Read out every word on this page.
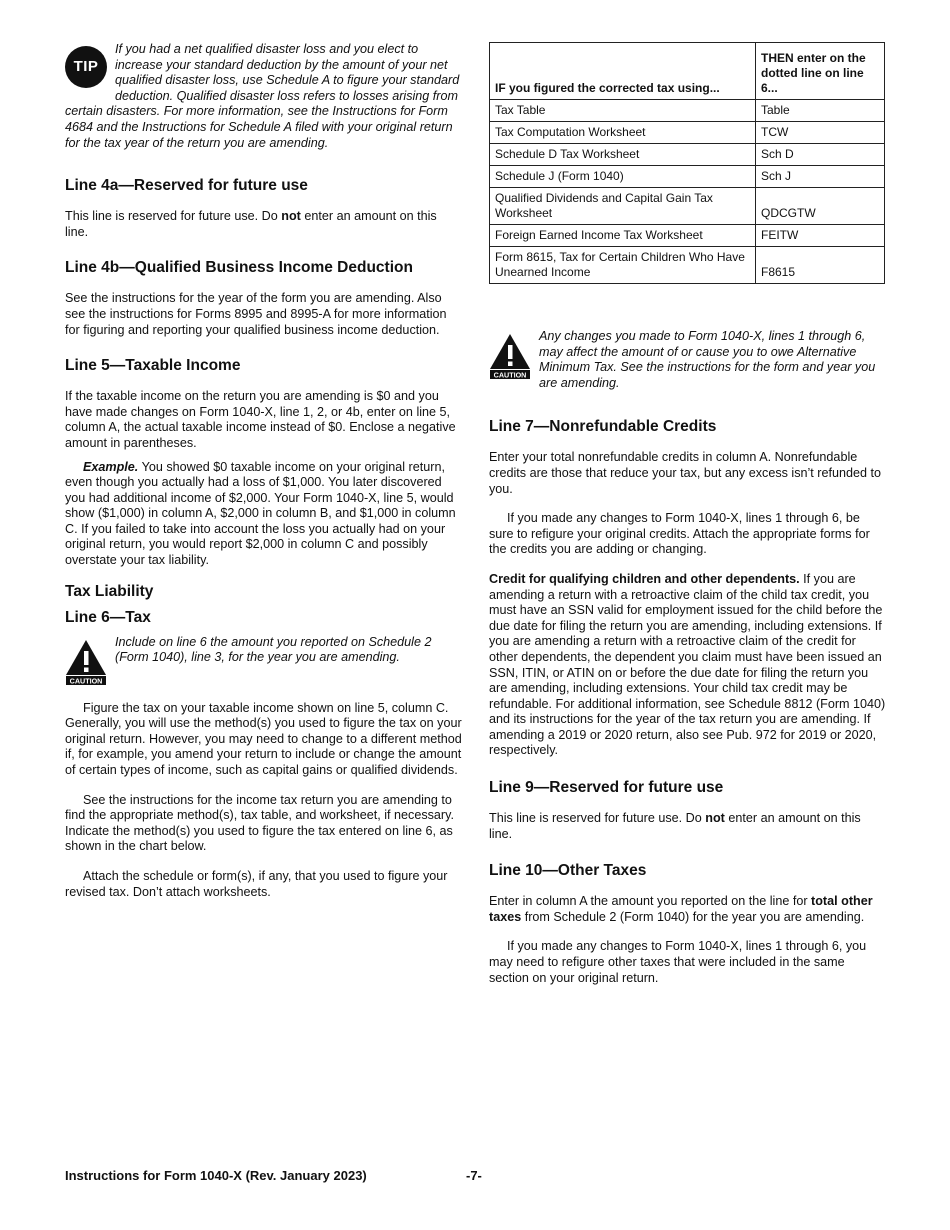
TIP

If you had a net qualified disaster loss and you elect to increase your standard deduction by the amount of your net qualified disaster loss, use Schedule A to figure your standard deduction. Qualified disaster loss refers to losses arising from certain disasters. For more information, see the Instructions for Form 4684 and the Instructions for Schedule A filed with your original return for the tax year of the return you are amending.

Line 4a—Reserved for future use

This line is reserved for future use. Do not enter an amount on this line.

Line 4b—Qualified Business Income Deduction

See the instructions for the year of the form you are amending. Also see the instructions for Forms 8995 and 8995-A for more information for figuring and reporting your qualified business income deduction.

Line 5—Taxable Income

If the taxable income on the return you are amending is $0 and you have made changes on Form 1040-X, line 1, 2, or 4b, enter on line 5, column A, the actual taxable income instead of $0. Enclose a negative amount in parentheses.

Example. You showed $0 taxable income on your original return, even though you actually had a loss of $1,000. You later discovered you had additional income of $2,000. Your Form 1040-X, line 5, would show ($1,000) in column A, $2,000 in column B, and $1,000 in column C. If you failed to take into account the loss you actually had on your original return, you would report $2,000 in column C and possibly overstate your tax liability.

Tax Liability
Line 6—Tax
CAUTION

Include on line 6 the amount you reported on Schedule 2 (Form 1040), line 3, for the year you are amending.

Figure the tax on your taxable income shown on line 5, column C. Generally, you will use the method(s) you used to figure the tax on your original return. However, you may need to change to a different method if, for example, you amend your return to include or change the amount of certain types of income, such as capital gains or qualified dividends.

See the instructions for the income tax return you are amending to find the appropriate method(s), tax table, and worksheet, if necessary. Indicate the method(s) you used to figure the tax entered on line 6, as shown in the chart below.

Attach the schedule or form(s), if any, that you used to figure your revised tax. Don’t attach worksheets.

IF you figured the corrected tax using...	THEN enter on the dotted line on line 6...
Tax Table	Table
Tax Computation Worksheet	TCW
Schedule D Tax Worksheet	Sch D
Schedule J (Form 1040)	Sch J
Qualified Dividends and Capital Gain Tax Worksheet	QDCGTW
Foreign Earned Income Tax Worksheet	FEITW
Form 8615, Tax for Certain Children Who Have Unearned Income	F8615
CAUTION

Any changes you made to Form 1040-X, lines 1 through 6, may affect the amount of or cause you to owe Alternative Minimum Tax. See the instructions for the form and year you are amending.

Line 7—Nonrefundable Credits

Enter your total nonrefundable credits in column A. Nonrefundable credits are those that reduce your tax, but any excess isn’t refunded to you.

If you made any changes to Form 1040-X, lines 1 through 6, be sure to refigure your original credits. Attach the appropriate forms for the credits you are adding or changing.

Credit for qualifying children and other dependents. If you are amending a return with a retroactive claim of the child tax credit, you must have an SSN valid for employment issued for the child before the due date for filing the return you are amending, including extensions. If you are amending a return with a retroactive claim of the credit for other dependents, the dependent you claim must have been issued an SSN, ITIN, or ATIN on or before the due date for filing the return you are amending, including extensions. Your child tax credit may be refundable. For additional information, see Schedule 8812 (Form 1040) and its instructions for the year of the tax return you are amending. If amending a 2019 or 2020 return, also see Pub. 972 for 2019 or 2020, respectively.

Line 9—Reserved for future use

This line is reserved for future use. Do not enter an amount on this line.

Line 10—Other Taxes

Enter in column A the amount you reported on the line for total other taxes from Schedule 2 (Form 1040) for the year you are amending.

If you made any changes to Form 1040-X, lines 1 through 6, you may need to refigure other taxes that were included in the same section on your original return.

Instructions for Form 1040-X (Rev. January 2023)	-7-
